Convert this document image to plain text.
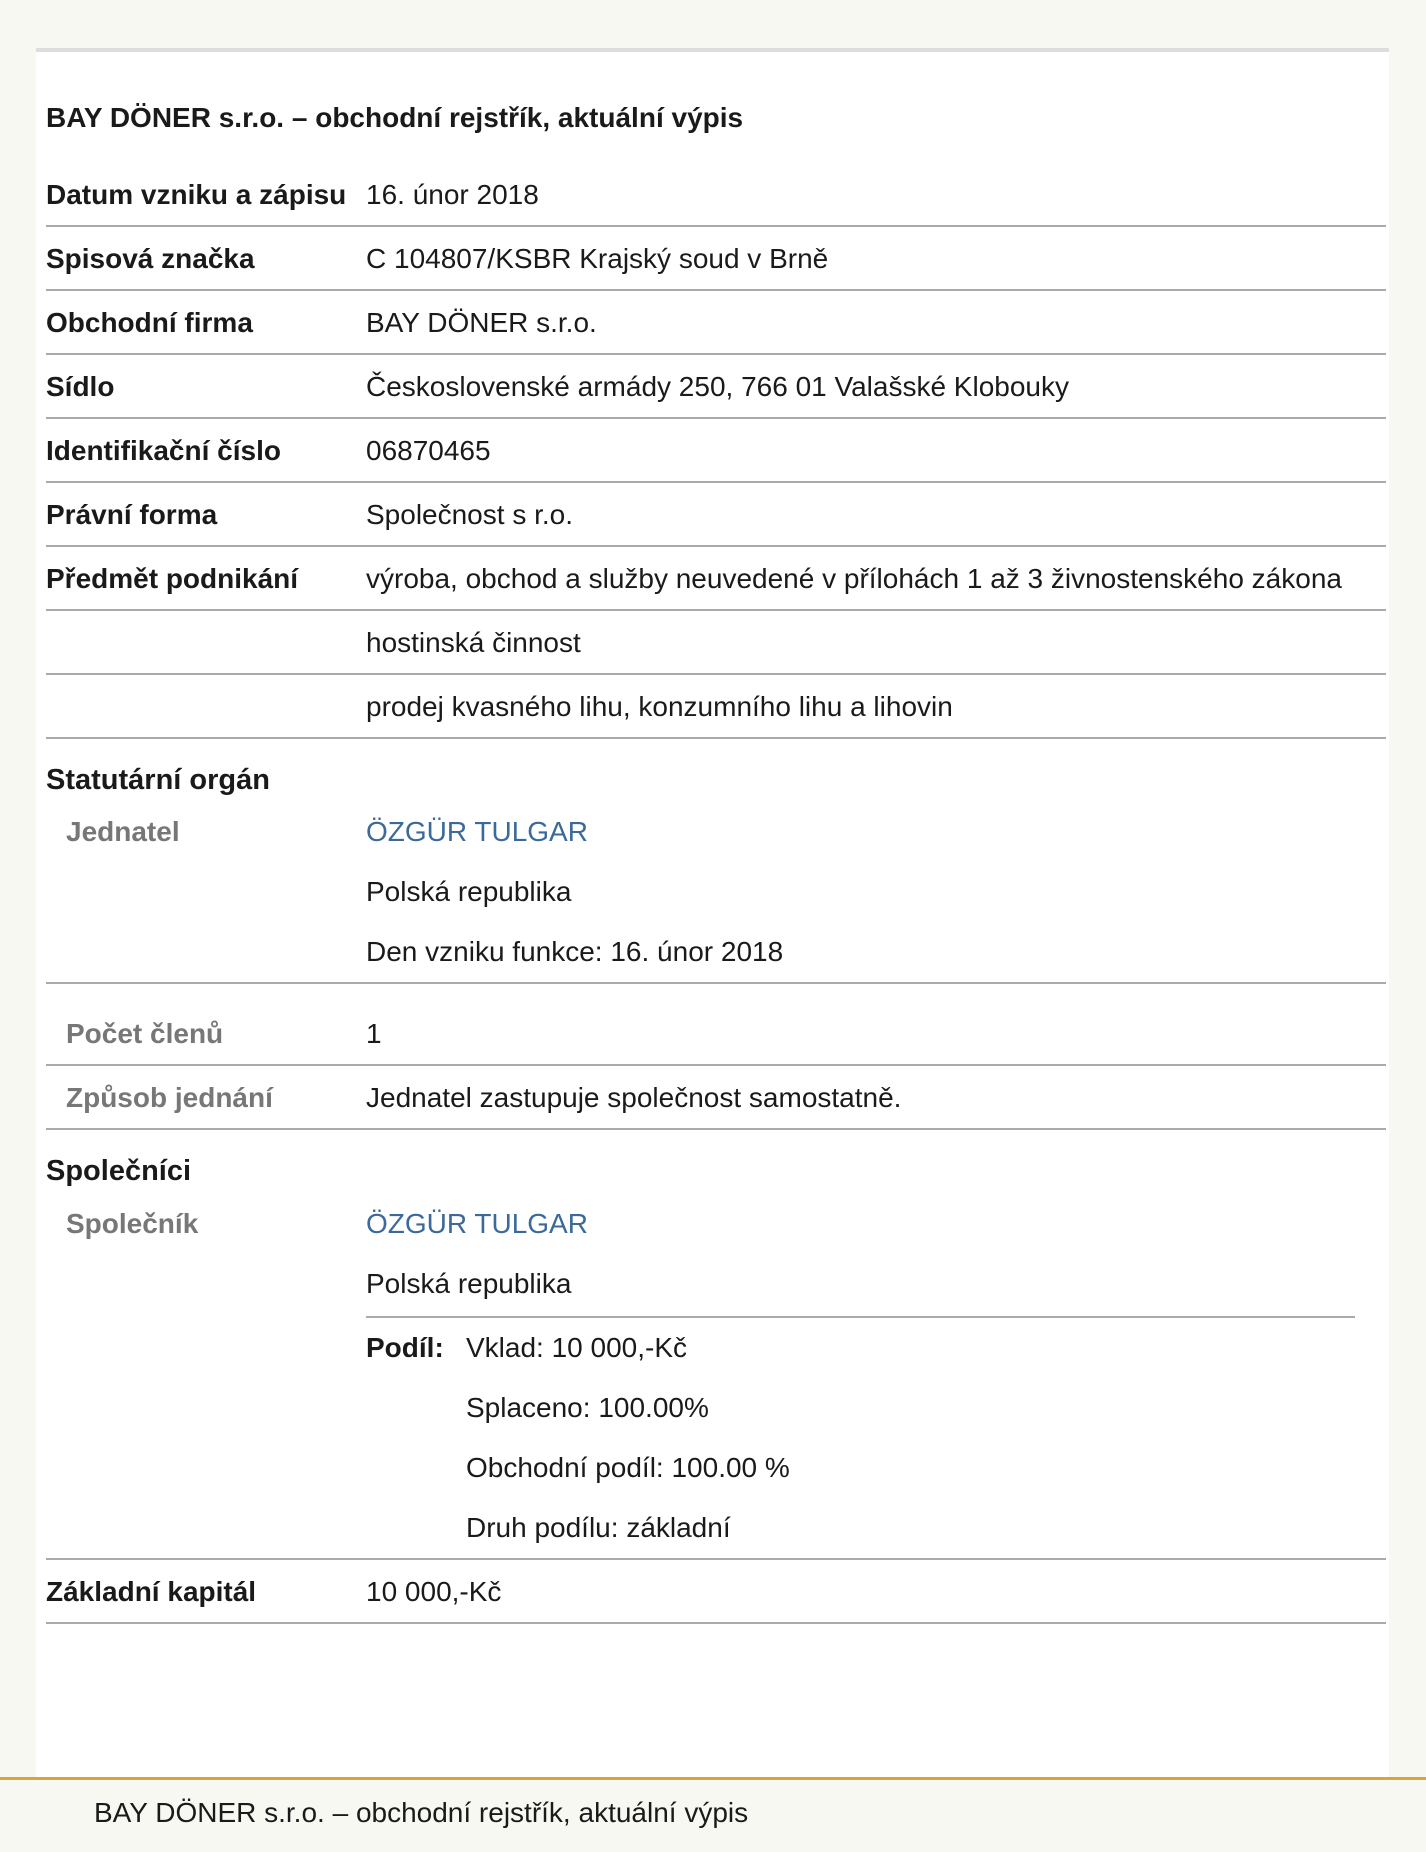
BAY DÖNER s.r.o. – obchodní rejstřík, aktuální výpis
Datum vzniku a zápisu 16. únor 2018
Spisová značka	C 104807/KSBR Krajský soud v Brně
Obchodní firma	BAY DÖNER s.r.o.
Sídlo	Československé armády 250, 766 01 Valašské Klobouky
Identifikační číslo	06870465
Právní forma	Společnost s r.o.
Předmět podnikání	výroba, obchod a služby neuvedené v přílohách 1 až 3 živnostenského zákona
hostinská činnost
prodej kvasného lihu, konzumního lihu a lihovin
Statutární orgán
Jednatel	ÖZGÜR TULGAR
Polská republika
Den vzniku funkce: 16. únor 2018
Počet členů	1
Způsob jednání	Jednatel zastupuje společnost samostatně.
Společníci
Společník	ÖZGÜR TULGAR
Polská republika
Podíl: Vklad: 10 000,-Kč
Splaceno: 100.00%
Obchodní podíl: 100.00 %
Druh podílu: základní
Základní kapitál	10 000,-Kč
BAY DÖNER s.r.o. – obchodní rejstřík, aktuální výpis
